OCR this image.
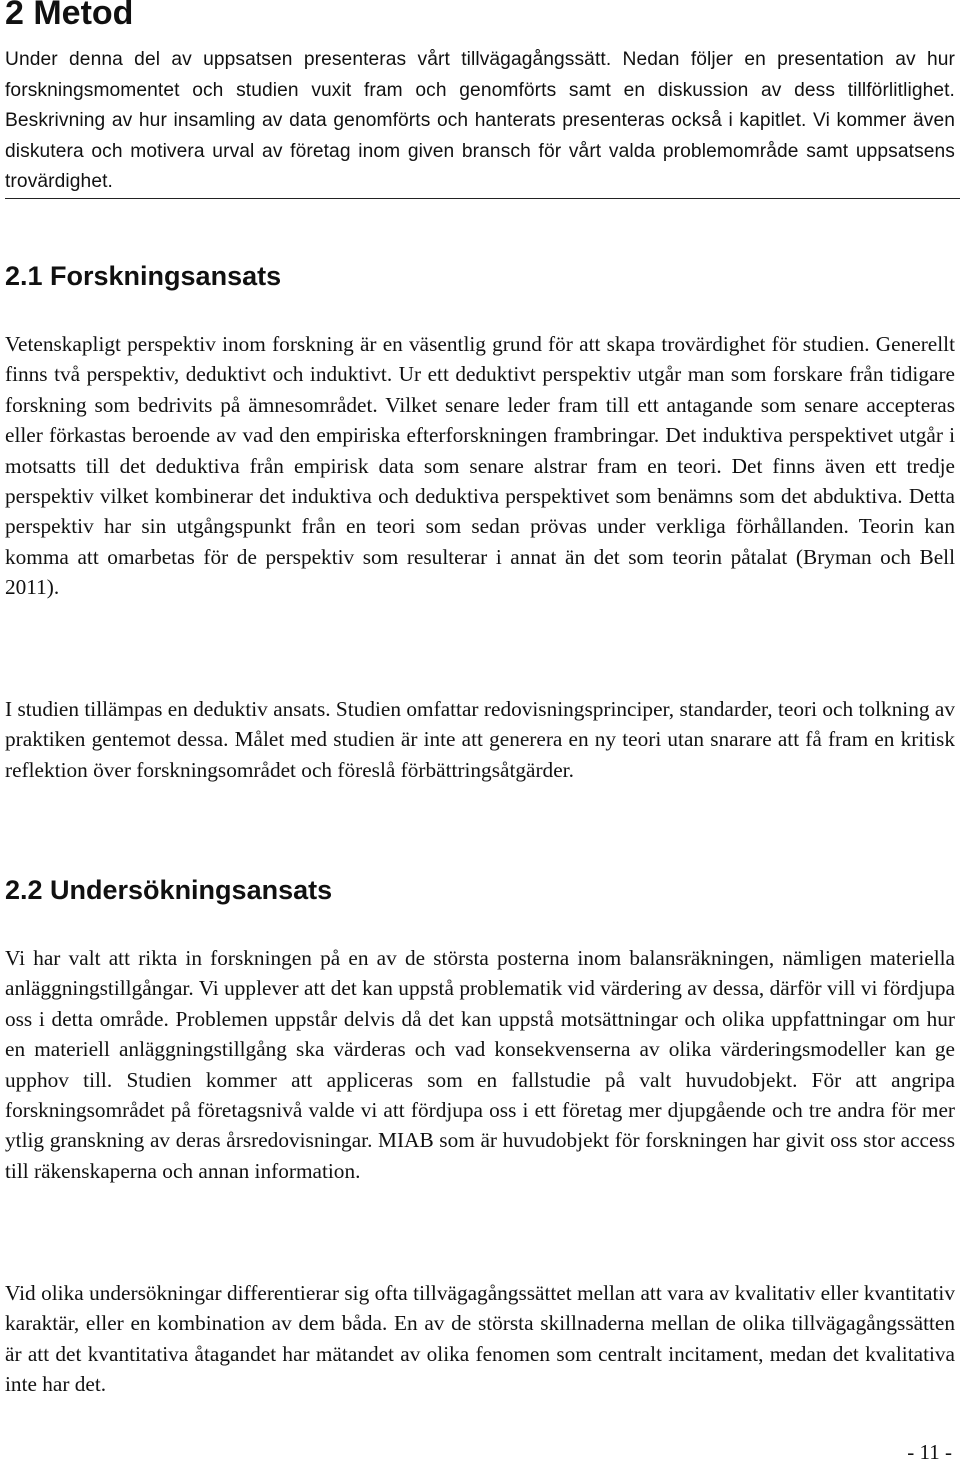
2 Metod

Under denna del av uppsatsen presenteras vårt tillvägagångssätt. Nedan följer en presentation av hur forskningsmomentet och studien vuxit fram och genomförts samt en diskussion av dess tillförlitlighet. Beskrivning av hur insamling av data genomförts och hanterats presenteras också i kapitlet. Vi kommer även diskutera och motivera urval av företag inom given bransch för vårt valda problemområde samt uppsatsens trovärdighet.

2.1 Forskningsansats

Vetenskapligt perspektiv inom forskning är en väsentlig grund för att skapa trovärdighet för studien. Generellt finns två perspektiv, deduktivt och induktivt. Ur ett deduktivt perspektiv utgår man som forskare från tidigare forskning som bedrivits på ämnesområdet. Vilket senare leder fram till ett antagande som senare accepteras eller förkastas beroende av vad den empiriska efterforskningen frambringar. Det induktiva perspektivet utgår i motsatts till det deduktiva från empirisk data som senare alstrar fram en teori. Det finns även ett tredje perspektiv vilket kombinerar det induktiva och deduktiva perspektivet som benämns som det abduktiva. Detta perspektiv har sin utgångspunkt från en teori som sedan prövas under verkliga förhållanden. Teorin kan komma att omarbetas för de perspektiv som resulterar i annat än det som teorin påtalat (Bryman och Bell 2011).

I studien tillämpas en deduktiv ansats. Studien omfattar redovisningsprinciper, standarder, teori och tolkning av praktiken gentemot dessa. Målet med studien är inte att generera en ny teori utan snarare att få fram en kritisk reflektion över forskningsområdet och föreslå förbättringsåtgärder.

2.2 Undersökningsansats

Vi har valt att rikta in forskningen på en av de största posterna inom balansräkningen, nämligen materiella anläggningstillgångar. Vi upplever att det kan uppstå problematik vid värdering av dessa, därför vill vi fördjupa oss i detta område. Problemen uppstår delvis då det kan uppstå motsättningar och olika uppfattningar om hur en materiell anläggningstillgång ska värderas och vad konsekvenserna av olika värderingsmodeller kan ge upphov till. Studien kommer att appliceras som en fallstudie på valt huvudobjekt. För att angripa forskningsområdet på företagsnivå valde vi att fördjupa oss i ett företag mer djupgående och tre andra för mer ytlig granskning av deras årsredovisningar. MIAB som är huvudobjekt för forskningen har givit oss stor access till räkenskaperna och annan information.

Vid olika undersökningar differentierar sig ofta tillvägagångssättet mellan att vara av kvalitativ eller kvantitativ karaktär, eller en kombination av dem båda. En av de största skillnaderna mellan de olika tillvägagångssätten är att det kvantitativa åtagandet har mätandet av olika fenomen som centralt incitament, medan det kvalitativa inte har det.

- 11 -
